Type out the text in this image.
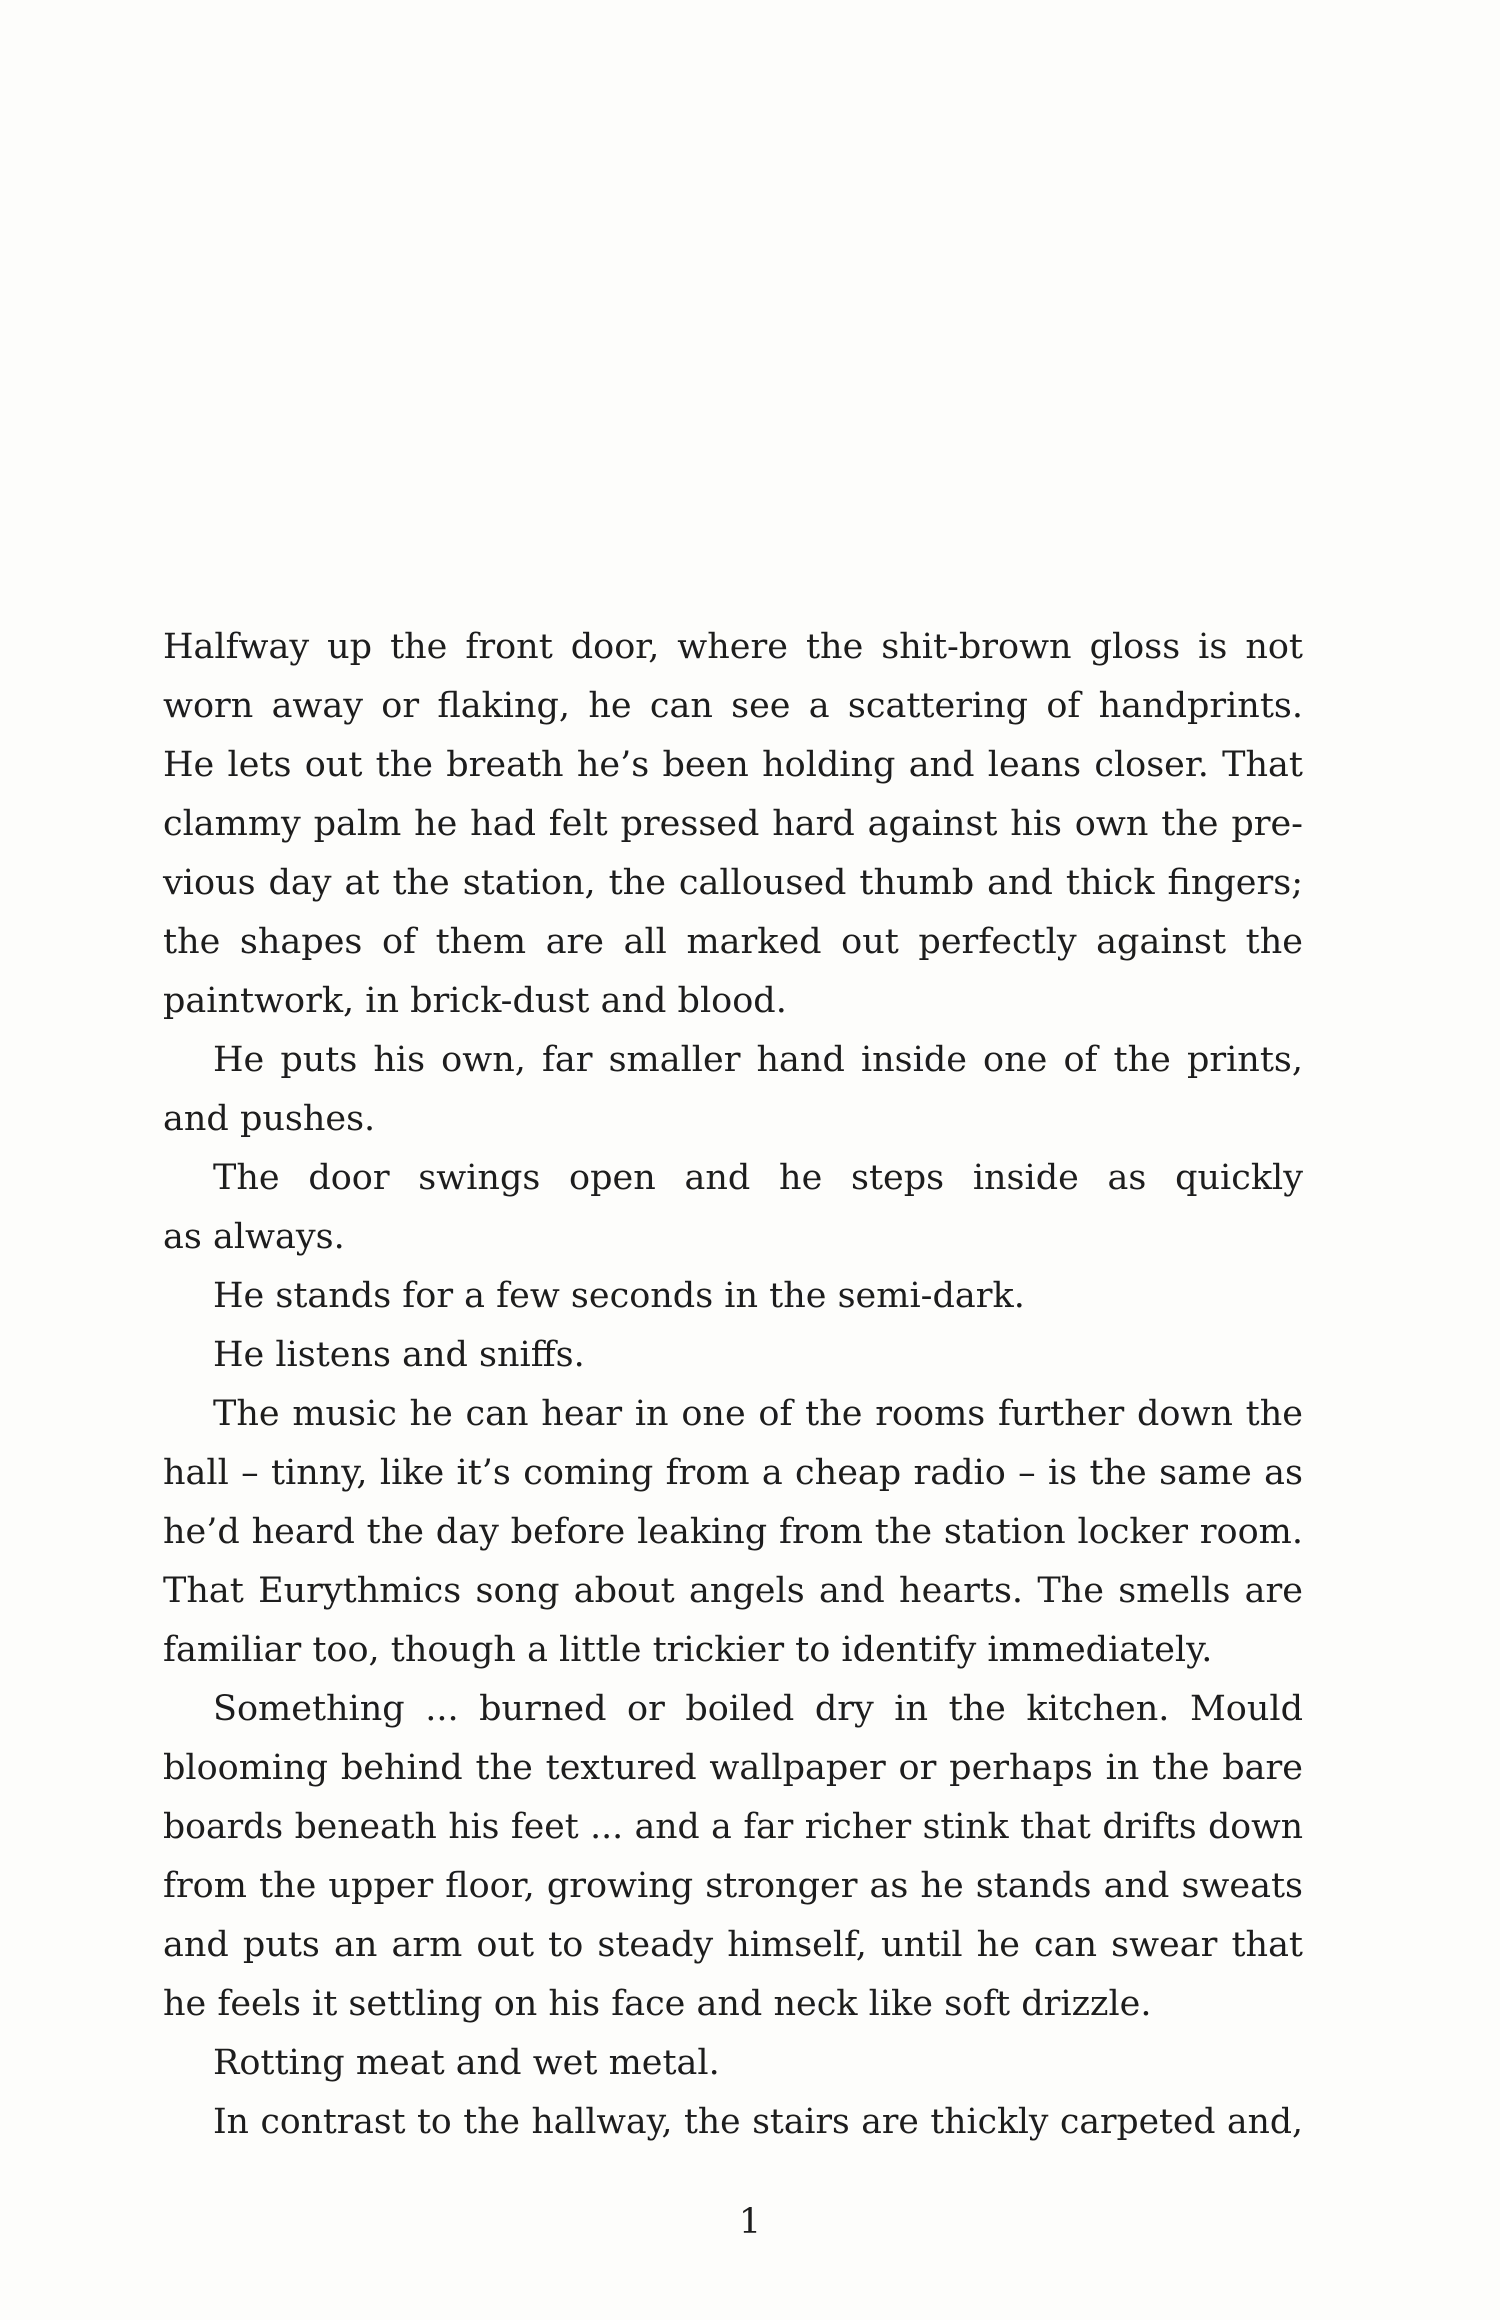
Halfway up the front door, where the shit-brown gloss is not
worn away or flaking, he can see a scattering of handprints.
He lets out the breath he’s been holding and leans closer. That
clammy palm he had felt pressed hard against his own the pre-
vious day at the station, the calloused thumb and thick fingers;
the shapes of them are all marked out perfectly against the
paintwork, in brick-dust and blood.
He puts his own, far smaller hand inside one of the prints,
and pushes.
The door swings open and he steps inside as quickly
as always.
He stands for a few seconds in the semi-dark.
He listens and sniffs.
The music he can hear in one of the rooms further down the
hall – tinny, like it’s coming from a cheap radio – is the same as
he’d heard the day before leaking from the station locker room.
That Eurythmics song about angels and hearts. The smells are
familiar too, though a little trickier to identify immediately.
Something ... burned or boiled dry in the kitchen. Mould
blooming behind the textured wallpaper or perhaps in the bare
boards beneath his feet ... and a far richer stink that drifts down
from the upper floor, growing stronger as he stands and sweats
and puts an arm out to steady himself, until he can swear that
he feels it settling on his face and neck like soft drizzle.
Rotting meat and wet metal.
In contrast to the hallway, the stairs are thickly carpeted and,
1
